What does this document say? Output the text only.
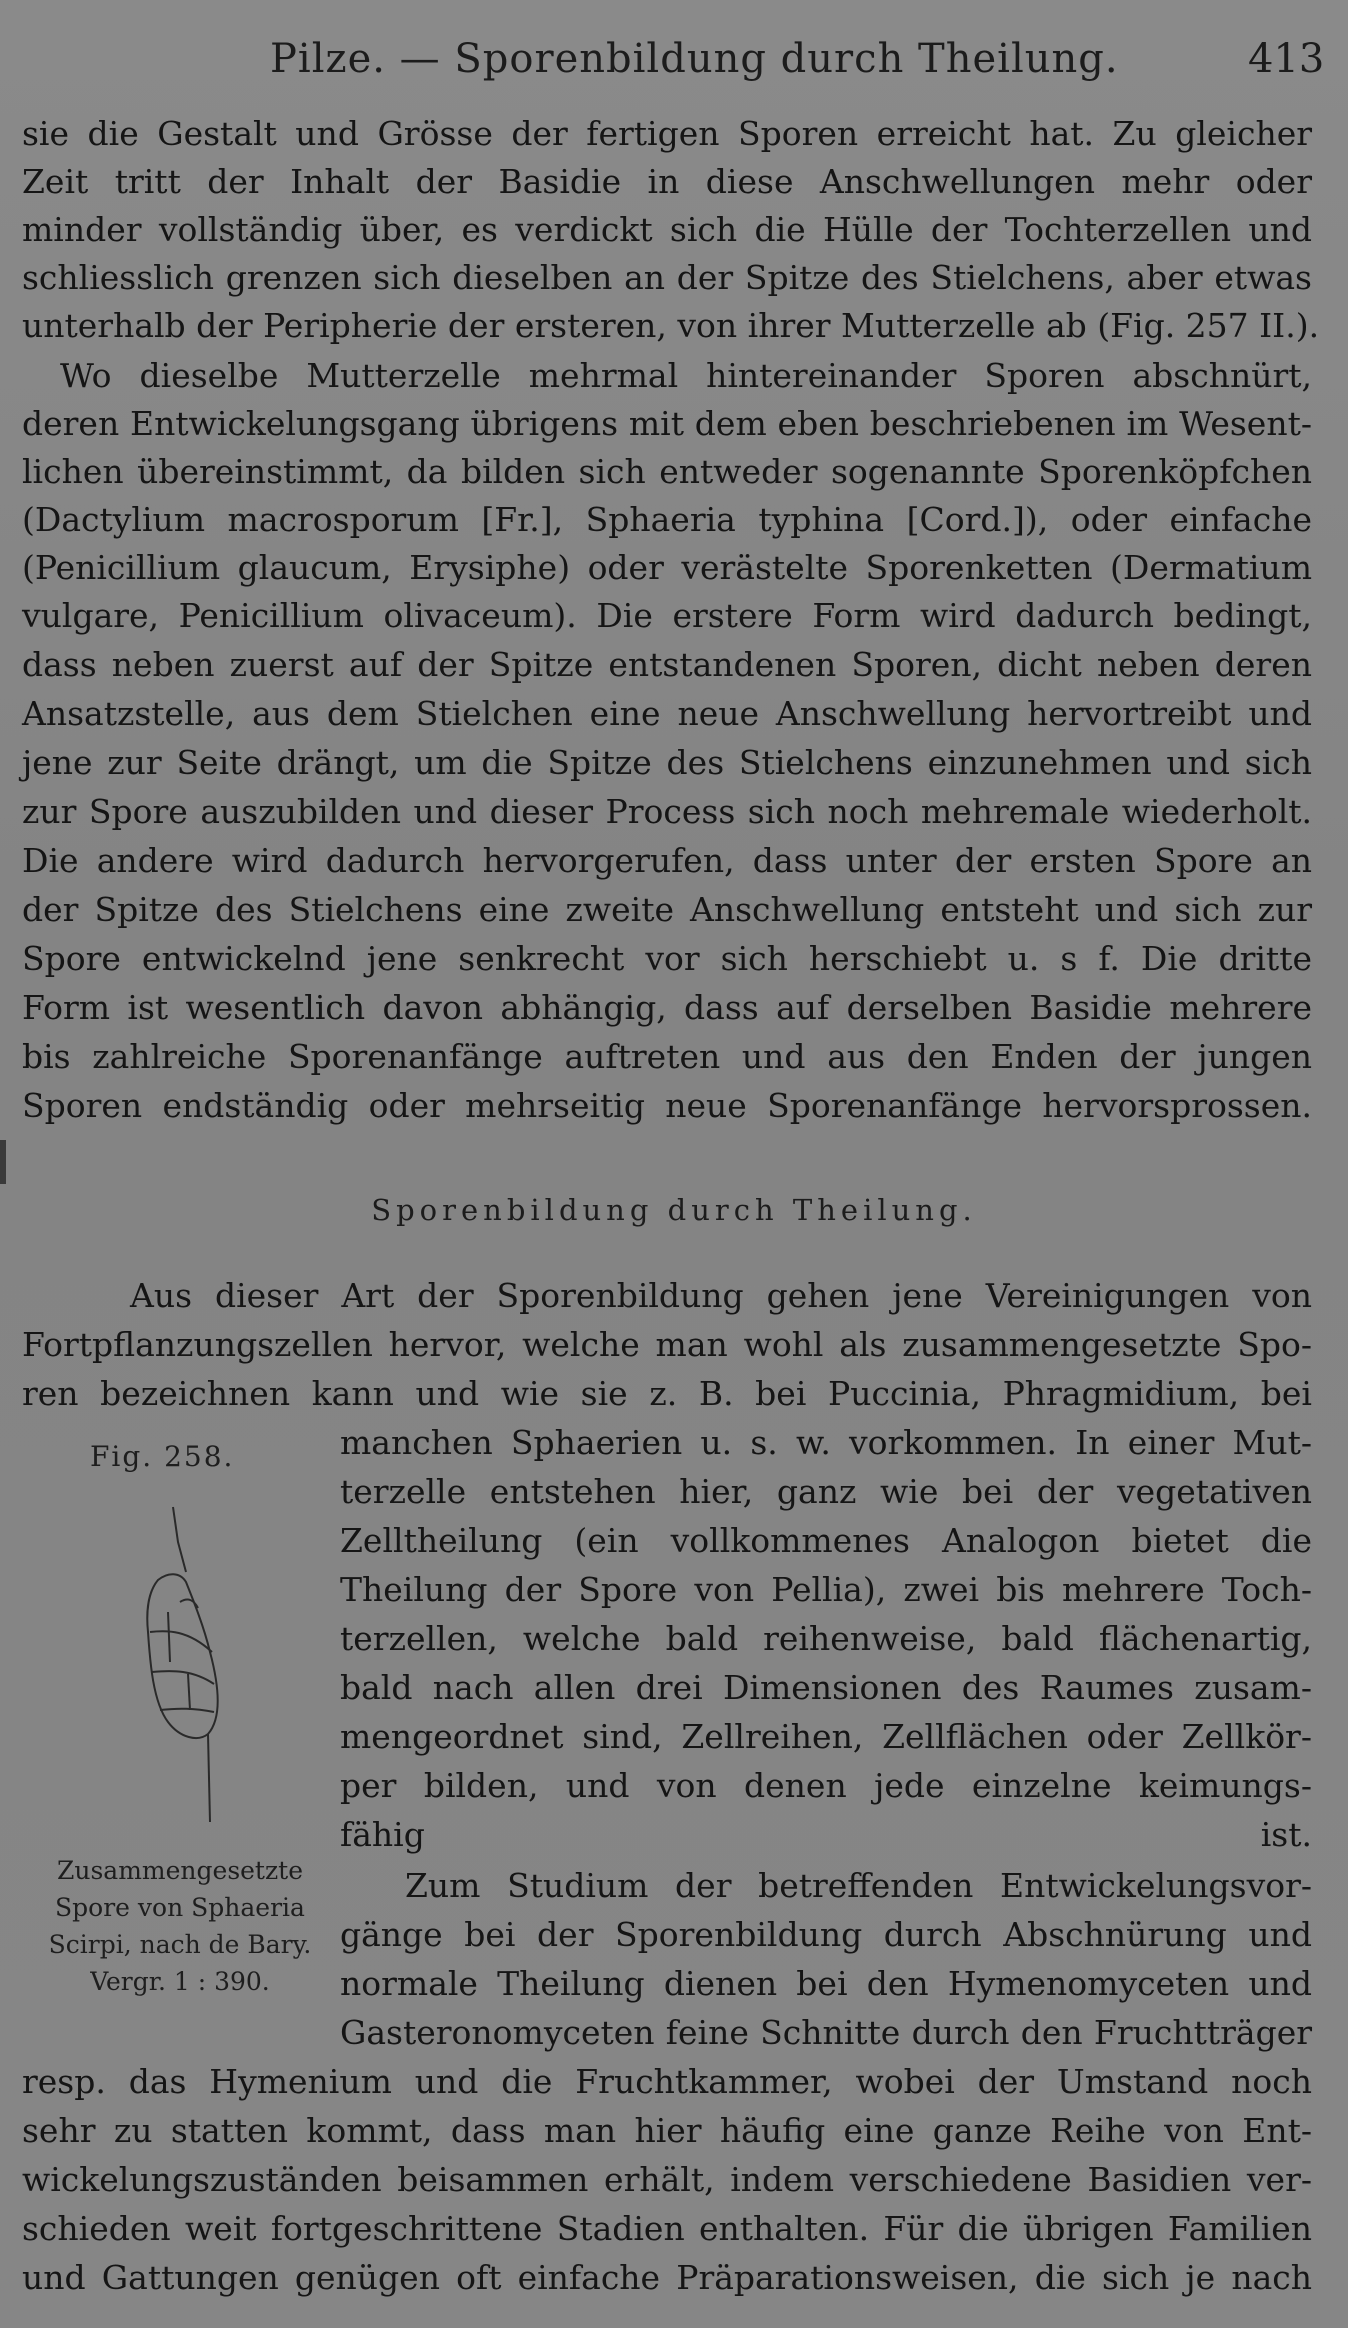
Pilze. — Sporenbildung durch Theilung.	413
sie die Gestalt und Grösse der fertigen Sporen erreicht hat. Zu gleicher
Zeit tritt der Inhalt der Basidie in diese Anschwellungen mehr oder
minder vollständig über, es verdickt sich die Hülle der Tochterzellen und
schliesslich grenzen sich dieselben an der Spitze des Stielchens, aber etwas
unterhalb der Peripherie der ersteren, von ihrer Mutterzelle ab (Fig. 257 II.).
Wo dieselbe Mutterzelle mehrmal hintereinander Sporen abschnürt,
deren Entwickelungsgang übrigens mit dem eben beschriebenen im Wesent-
lichen übereinstimmt, da bilden sich entweder sogenannte Sporenköpfchen
(Dactylium macrosporum [Fr.], Sphaeria typhina [Cord.]), oder einfache
(Penicillium glaucum, Erysiphe) oder verästelte Sporenketten (Dermatium
vulgare, Penicillium olivaceum). Die erstere Form wird dadurch bedingt,
dass neben zuerst auf der Spitze entstandenen Sporen, dicht neben deren
Ansatzstelle, aus dem Stielchen eine neue Anschwellung hervortreibt und
jene zur Seite drängt, um die Spitze des Stielchens einzunehmen und sich
zur Spore auszubilden und dieser Process sich noch mehremale wiederholt.
Die andere wird dadurch hervorgerufen, dass unter der ersten Spore an
der Spitze des Stielchens eine zweite Anschwellung entsteht und sich zur
Spore entwickelnd jene senkrecht vor sich herschiebt u. s f. Die dritte
Form ist wesentlich davon abhängig, dass auf derselben Basidie mehrere
bis zahlreiche Sporenanfänge auftreten und aus den Enden der jungen
Sporen endständig oder mehrseitig neue Sporenanfänge hervorsprossen.
Sporenbildung durch Theilung.
Aus dieser Art der Sporenbildung gehen jene Vereinigungen von
Fortpflanzungszellen hervor, welche man wohl als zusammengesetzte Spo-
ren bezeichnen kann und wie sie z. B. bei Puccinia, Phragmidium, bei
manchen Sphaerien u. s. w. vorkommen. In einer Mut-
terzelle entstehen hier, ganz wie bei der vegetativen
Zelltheilung (ein vollkommenes Analogon bietet die
Theilung der Spore von Pellia), zwei bis mehrere Toch-
terzellen, welche bald reihenweise, bald flächenartig,
bald nach allen drei Dimensionen des Raumes zusam-
mengeordnet sind, Zellreihen, Zellflächen oder Zellkör-
per bilden, und von denen jede einzelne keimungs-
fähig ist.
Zum Studium der betreffenden Entwickelungsvor-
gänge bei der Sporenbildung durch Abschnürung und
normale Theilung dienen bei den Hymenomyceten und
Gasteronomyceten feine Schnitte durch den Fruchtträger
resp. das Hymenium und die Fruchtkammer, wobei der Umstand noch
sehr zu statten kommt, dass man hier häufig eine ganze Reihe von Ent-
wickelungszuständen beisammen erhält, indem verschiedene Basidien ver-
schieden weit fortgeschrittene Stadien enthalten. Für die übrigen Familien
und Gattungen genügen oft einfache Präparationsweisen, die sich je nach
Fig. 258.
Zusammengesetzte
Spore von Sphaeria
Scirpi, nach de Bary.
Vergr. 1 : 390.
